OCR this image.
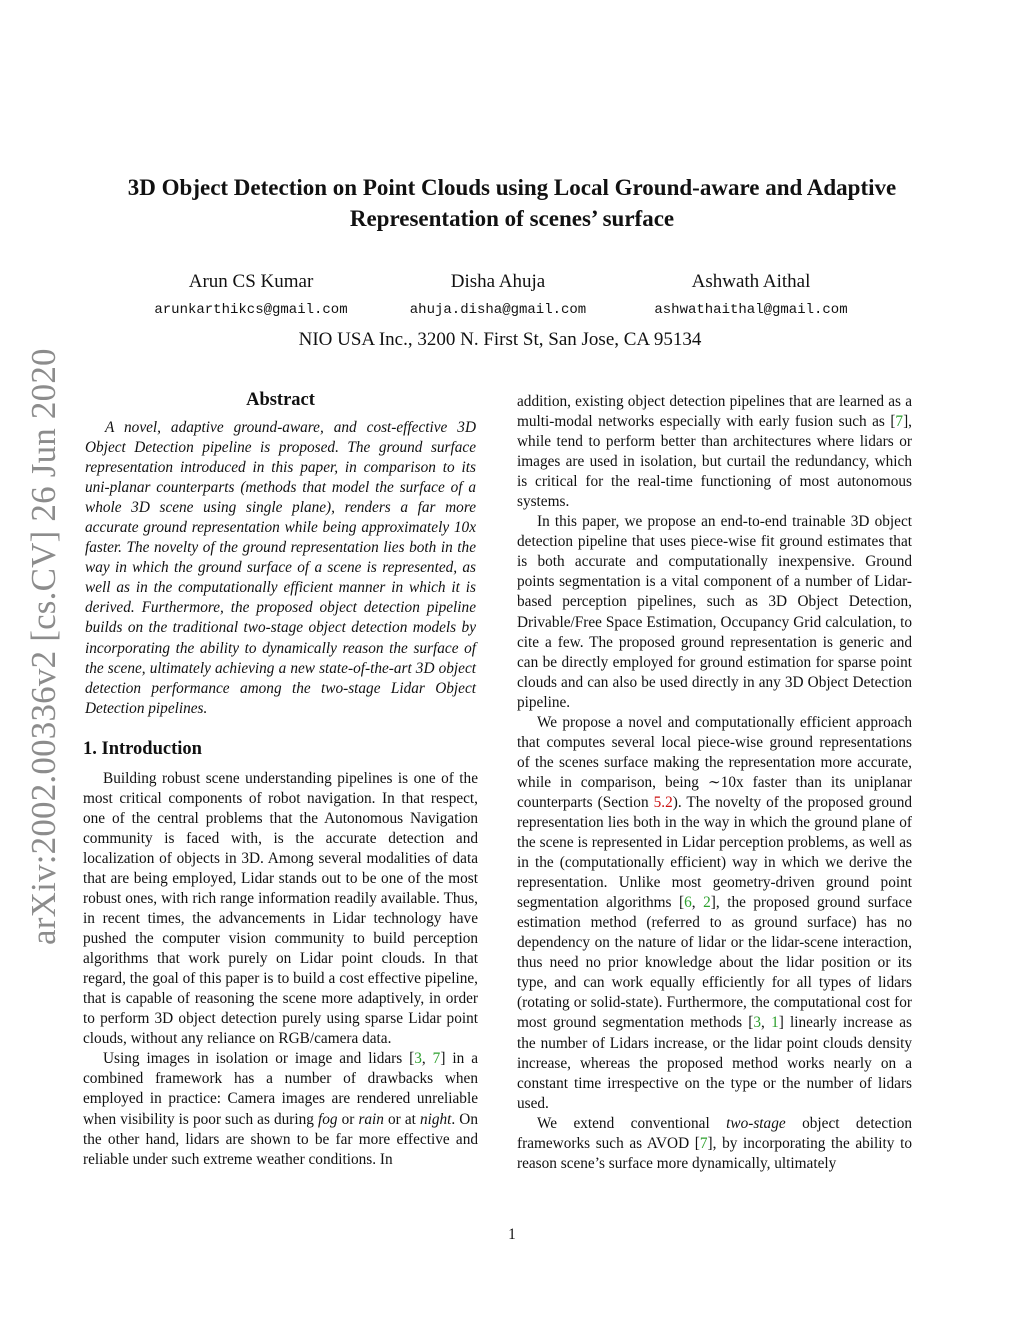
arXiv:2002.00336v2 [cs.CV] 26 Jun 2020
3D Object Detection on Point Clouds using Local Ground-aware and Adaptive
Representation of scenes’ surface
Arun CS Kumar
arunkarthikcs@gmail.com
Disha Ahuja
ahuja.disha@gmail.com
Ashwath Aithal
ashwathaithal@gmail.com
NIO USA Inc., 3200 N. First St, San Jose, CA 95134
Abstract

A novel, adaptive ground-aware, and cost-effective 3D Object Detection pipeline is proposed. The ground surface representation introduced in this paper, in comparison to its uni-planar counterparts (methods that model the surface of a whole 3D scene using single plane), renders a far more accurate ground representation while being approximately 10x faster. The novelty of the ground representation lies both in the way in which the ground surface of a scene is represented, as well as in the computationally efficient manner in which it is derived. Furthermore, the proposed object detection pipeline builds on the traditional two-stage object detection models by incorporating the ability to dynamically reason the surface of the scene, ultimately achieving a new state-of-the-art 3D object detection performance among the two-stage Lidar Object Detection pipelines.

1. Introduction

Building robust scene understanding pipelines is one of the most critical components of robot navigation. In that respect, one of the central problems that the Autonomous Navigation community is faced with, is the accurate detection and localization of objects in 3D. Among several modalities of data that are being employed, Lidar stands out to be one of the most robust ones, with rich range information readily available. Thus, in recent times, the advancements in Lidar technology have pushed the computer vision community to build perception algorithms that work purely on Lidar point clouds. In that regard, the goal of this paper is to build a cost effective pipeline, that is capable of reasoning the scene more adaptively, in order to perform 3D object detection purely using sparse Lidar point clouds, without any reliance on RGB/camera data.

Using images in isolation or image and lidars [3, 7] in a combined framework has a number of drawbacks when employed in practice: Camera images are rendered unreliable when visibility is poor such as during fog or rain or at night. On the other hand, lidars are shown to be far more effective and reliable under such extreme weather conditions. In

addition, existing object detection pipelines that are learned as a multi-modal networks especially with early fusion such as [7], while tend to perform better than architectures where lidars or images are used in isolation, but curtail the redundancy, which is critical for the real-time functioning of most autonomous systems.

In this paper, we propose an end-to-end trainable 3D object detection pipeline that uses piece-wise fit ground estimates that is both accurate and computationally inexpensive. Ground points segmentation is a vital component of a number of Lidar-based perception pipelines, such as 3D Object Detection, Drivable/Free Space Estimation, Occupancy Grid calculation, to cite a few. The proposed ground representation is generic and can be directly employed for ground estimation for sparse point clouds and can also be used directly in any 3D Object Detection pipeline.

We propose a novel and computationally efficient approach that computes several local piece-wise ground representations of the scenes surface making the representation more accurate, while in comparison, being ∼10x faster than its uniplanar counterparts (Section 5.2). The novelty of the proposed ground representation lies both in the way in which the ground plane of the scene is represented in Lidar perception problems, as well as in the (computationally efficient) way in which we derive the representation. Unlike most geometry-driven ground point segmentation algorithms [6, 2], the proposed ground surface estimation method (referred to as ground surface) has no dependency on the nature of lidar or the lidar-scene interaction, thus need no prior knowledge about the lidar position or its type, and can work equally efficiently for all types of lidars (rotating or solid-state). Furthermore, the computational cost for most ground segmentation methods [3, 1] linearly increase as the number of Lidars increase, or the lidar point clouds density increase, whereas the proposed method works nearly on a constant time irrespective on the type or the number of lidars used.

We extend conventional two-stage object detection frameworks such as AVOD [7], by incorporating the ability to reason scene’s surface more dynamically, ultimately

1
